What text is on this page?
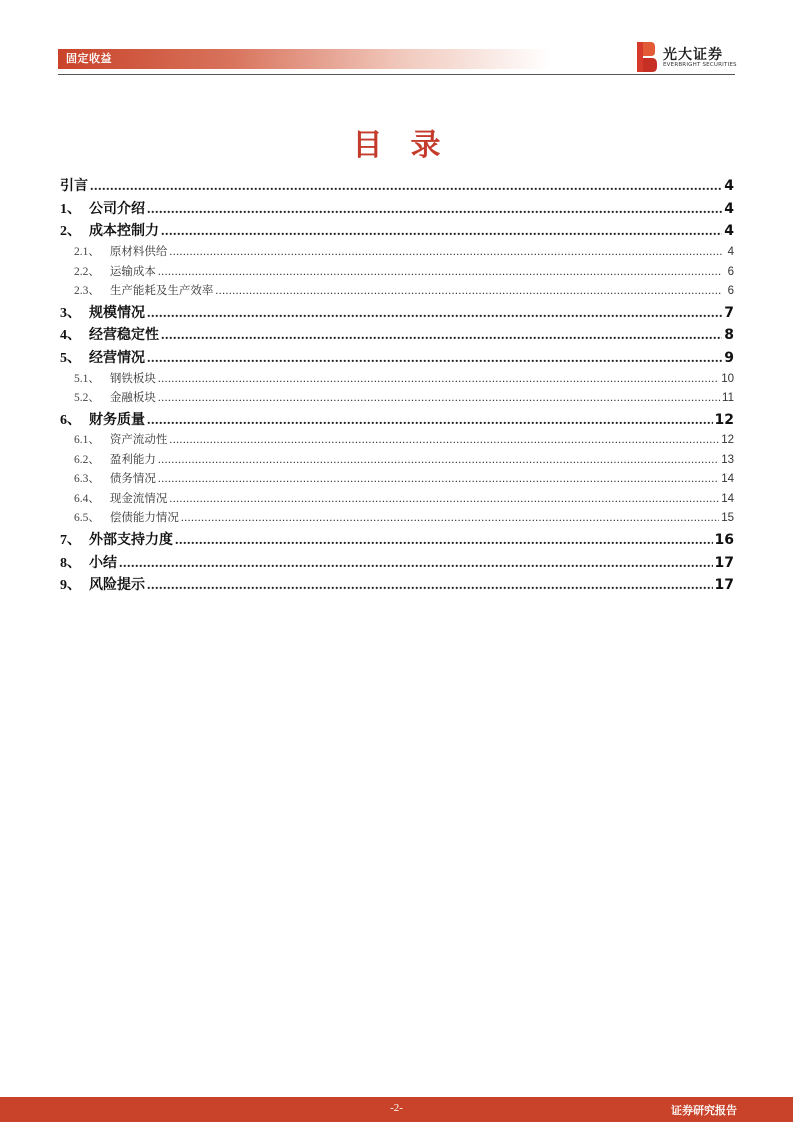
固定收益	光大证券
EVERBRIGHT SECURITIES
目录
引言 .....	4
1、 公司介绍 .....	4
2、 成本控制力 .....	4
2.1、 原材料供给 .....	4
2.2、 运输成本 .....	6
2.3、 生产能耗及生产效率 .....	6
3、 规模情况 .....	7
4、 经营稳定性 .....	8
5、 经营情况 .....	9
5.1、 钢铁板块 .....	10
5.2、 金融板块 .....	11
6、 财务质量 .....	12
6.1、 资产流动性 .....	12
6.2、 盈利能力 .....	13
6.3、 债务情况 .....	14
6.4、 现金流情况 .....	14
6.5、 偿债能力情况 .....	15
7、 外部支持力度 .....	16
8、 小结 .....	17
9、 风险提示 .....	17
-2-	证券研究报告
